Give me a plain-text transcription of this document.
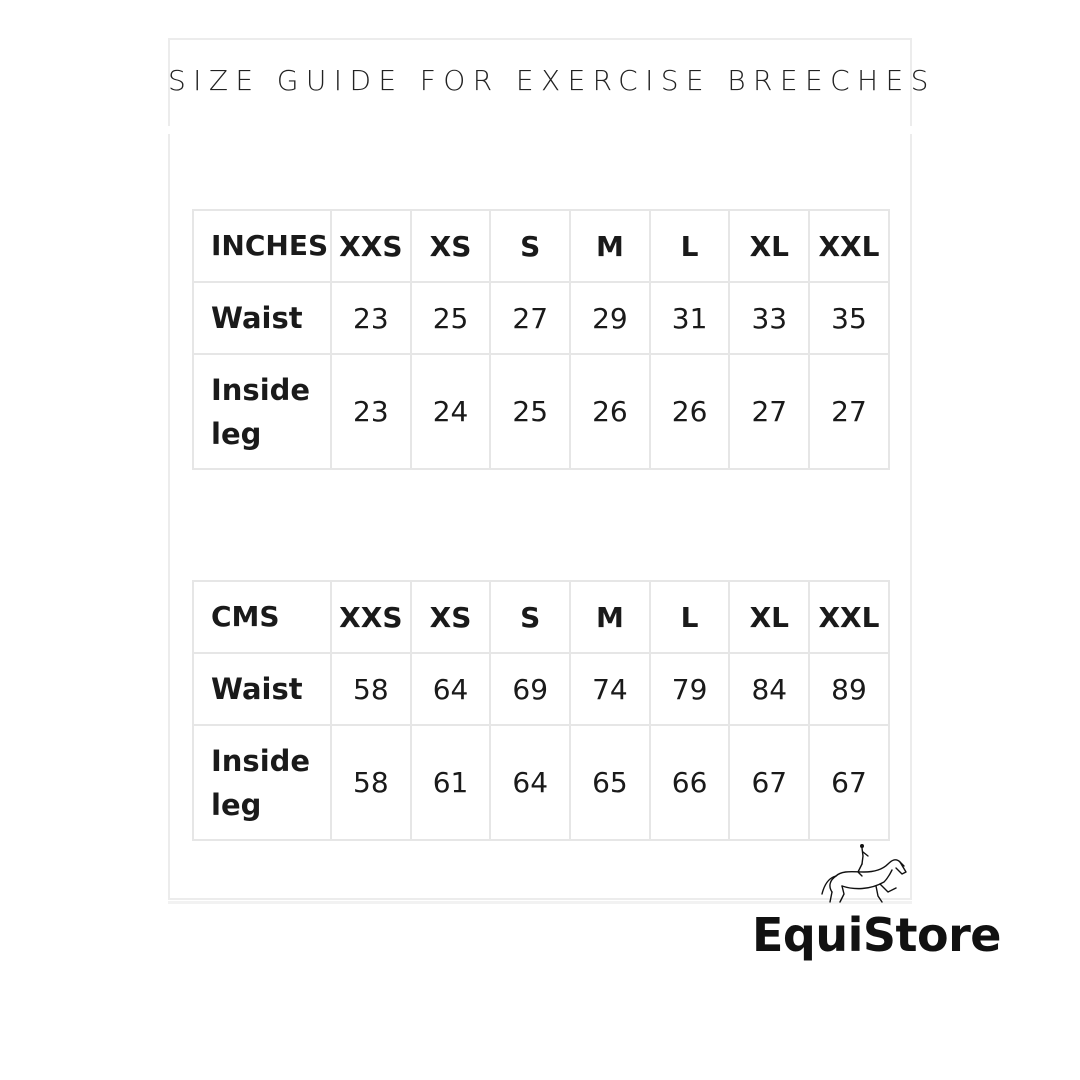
SIZE GUIDE FOR EXERCISE BREECHES
INCHES	XXS	XS	S	M	L	XL	XXL
Waist	23	25	27	29	31	33	35
Inside leg	23	24	25	26	26	27	27
CMS	XXS	XS	S	M	L	XL	XXL
Waist	58	64	69	74	79	84	89
Inside leg	58	61	64	65	66	67	67
EquiStore
